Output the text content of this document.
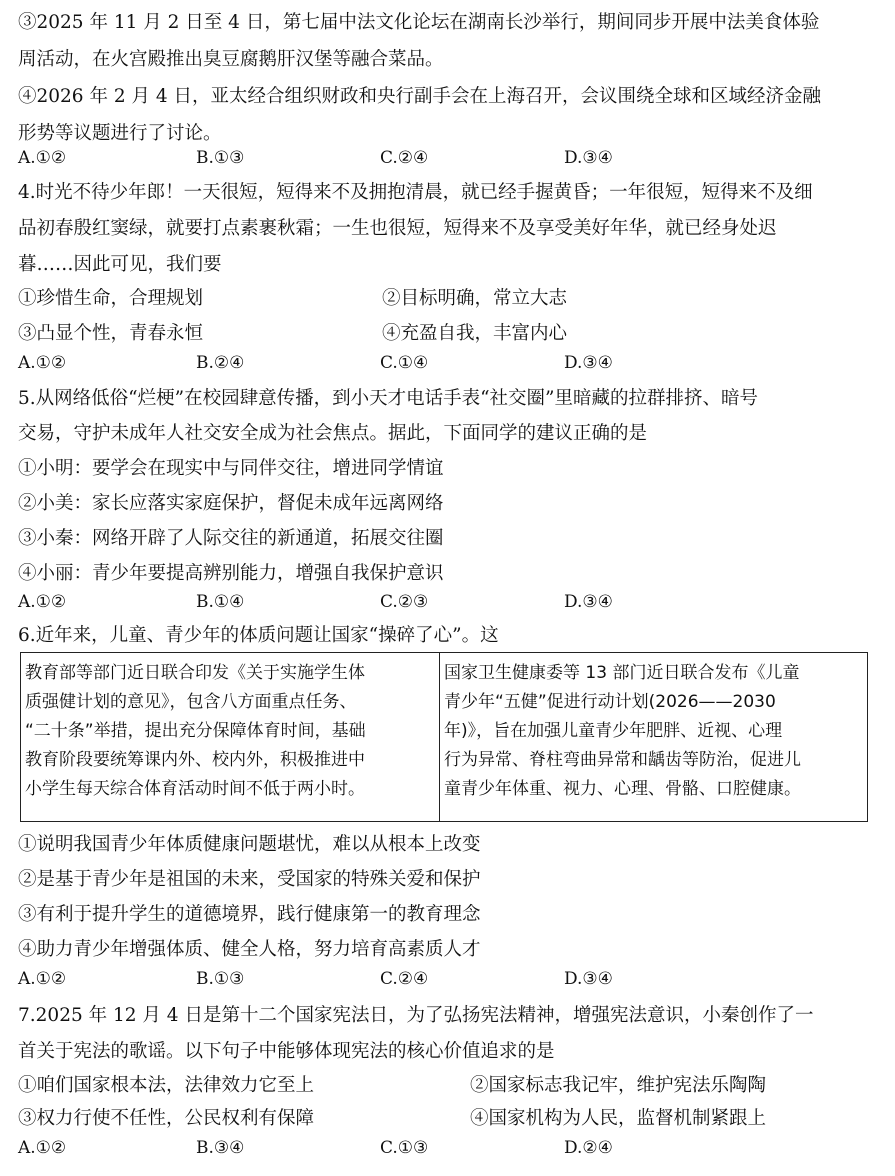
③2025 年 11 月 2 日至 4 日，第七届中法文化论坛在湖南长沙举行，期间同步开展中法美食体验
周活动，在火宫殿推出臭豆腐鹅肝汉堡等融合菜品。
④2026 年 2 月 4 日，亚太经合组织财政和央行副手会在上海召开，会议围绕全球和区域经济金融
形势等议题进行了讨论。
A.①②	B.①③	C.②④	D.③④
4.时光不待少年郎！一天很短，短得来不及拥抱清晨，就已经手握黄昏；一年很短，短得来不及细
品初春殷红窦绿，就要打点素裹秋霜；一生也很短，短得来不及享受美好年华，就已经身处迟
暮……因此可见，我们要
①珍惜生命，合理规划	②目标明确，常立大志
③凸显个性，青春永恒	④充盈自我，丰富内心
A.①②	B.②④	C.①④	D.③④
5.从网络低俗“烂梗”在校园肆意传播，到小天才电话手表“社交圈”里暗藏的拉群排挤、暗号
交易，守护未成年人社交安全成为社会焦点。据此，下面同学的建议正确的是
①小明：要学会在现实中与同伴交往，增进同学情谊
②小美：家长应落实家庭保护，督促未成年远离网络
③小秦：网络开辟了人际交往的新通道，拓展交往圈
④小丽：青少年要提高辨别能力，增强自我保护意识
A.①②	B.①④	C.②③	D.③④
6.近年来，儿童、青少年的体质问题让国家“操碎了心”。这
教育部等部门近日联合印发《关于实施学生体
质强健计划的意见》，包含八方面重点任务、
“二十条”举措，提出充分保障体育时间，基础
教育阶段要统筹课内外、校内外，积极推进中
小学生每天综合体育活动时间不低于两小时。
国家卫生健康委等 13 部门近日联合发布《儿童
青少年“五健”促进行动计划(2026——2030
年)》，旨在加强儿童青少年肥胖、近视、心理
行为异常、脊柱弯曲异常和龋齿等防治，促进儿
童青少年体重、视力、心理、骨骼、口腔健康。
①说明我国青少年体质健康问题堪忧，难以从根本上改变
②是基于青少年是祖国的未来，受国家的特殊关爱和保护
③有利于提升学生的道德境界，践行健康第一的教育理念
④助力青少年增强体质、健全人格，努力培育高素质人才
A.①②	B.①③	C.②④	D.③④
7.2025 年 12 月 4 日是第十二个国家宪法日，为了弘扬宪法精神，增强宪法意识，小秦创作了一
首关于宪法的歌谣。以下句子中能够体现宪法的核心价值追求的是
①咱们国家根本法，法律效力它至上	②国家标志我记牢，维护宪法乐陶陶
③权力行使不任性，公民权利有保障	④国家机构为人民，监督机制紧跟上
A.①②	B.③④	C.①③	D.②④
